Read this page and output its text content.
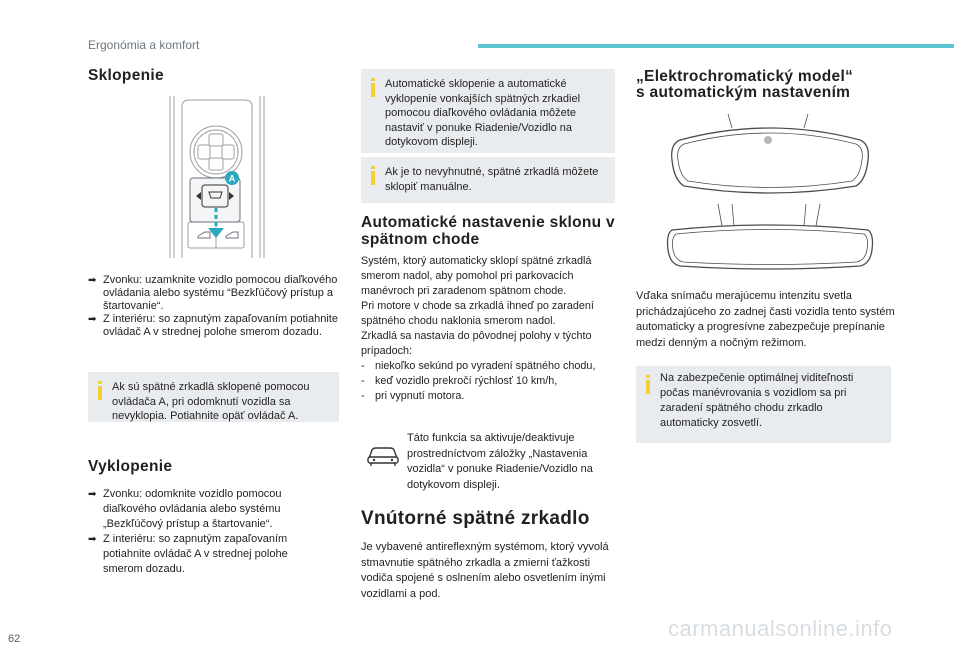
Ergonómia a komfort
Sklopenie
A
➡ Zvonku: uzamknite vozidlo pomocou diaľkového ovládania alebo systému “Bezkľúčový prístup a štartovanie“.
➡ Z interiéru: so zapnutým zapaľovaním potiahnite ovládač A v strednej polohe smerom dozadu.
Ak sú spätné zrkadlá sklopené pomocou ovládača A, pri odomknutí vozidla sa nevyklopia. Potiahnite opäť ovládač A.
Vyklopenie
➡ Zvonku: odomknite vozidlo pomocou diaľkového ovládania alebo systému „Bezkľúčový prístup a štartovanie“.
➡ Z interiéru: so zapnutým zapaľovaním potiahnite ovládač A v strednej polohe smerom dozadu.
Automatické sklopenie a automatické vyklopenie vonkajších spätných zrkadiel pomocou diaľkového ovládania môžete nastaviť v ponuke Riadenie/Vozidlo na dotykovom displeji.
Ak je to nevyhnutné, spätné zrkadlá môžete sklopiť manuálne.
Automatické nastavenie sklonu v
spätnom chode
Systém, ktorý automaticky sklopí spätné zrkadlá smerom nadol, aby pomohol pri parkovacích manévroch pri zaradenom spätnom chode.
Pri motore v chode sa zrkadlá ihneď po zaradení spätného chodu naklonia smerom nadol.
Zrkadlá sa nastavia do pôvodnej polohy v týchto prípadoch:
- niekoľko sekúnd po vyradení spätného chodu,
- keď vozidlo prekročí rýchlosť 10 km/h,
- pri vypnutí motora.
Táto funkcia sa aktivuje/deaktivuje prostredníctvom záložky „Nastavenia vozidla“ v ponuke Riadenie/Vozidlo na dotykovom displeji.
Vnútorné spätné zrkadlo
Je vybavené antireflexným systémom, ktorý vyvolá stmavnutie spätného zrkadla a zmierni ťažkosti vodiča spojené s oslnením alebo osvetlením inými vozidlami a pod.
„Elektrochromatický model“
s automatickým nastavením
Vďaka snímaču merajúcemu intenzitu svetla prichádzajúceho zo zadnej časti vozidla tento systém automaticky a progresívne zabezpečuje prepínanie medzi denným a nočným režimom.
Na zabezpečenie optimálnej viditeľnosti počas manévrovania s vozidlom sa pri zaradení spätného chodu zrkadlo automaticky zosvetlí.
62	carmanualsonline.info
